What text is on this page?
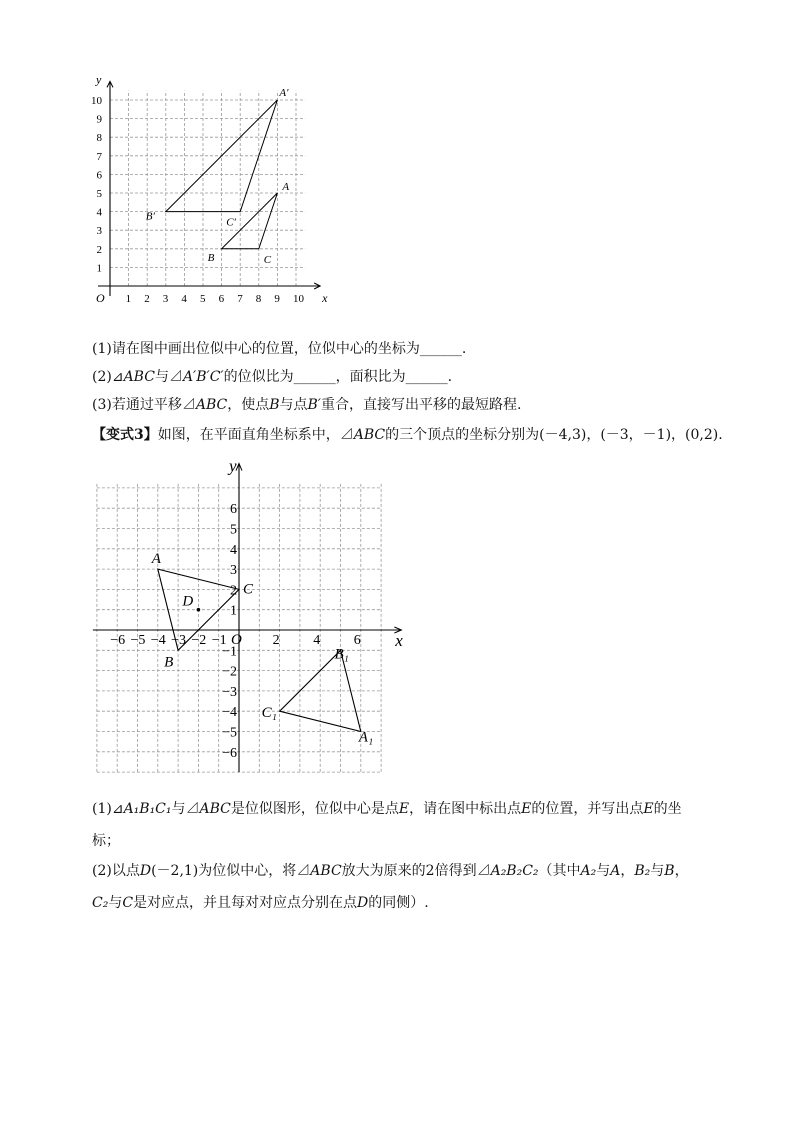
x
y
O 1 2 3 4 5 6 7 8 9 10
1
2
3
4
5
6
7
8
9
10
A
B	C
A′
B′	C′
x
y
O
−6 −5 −4 −3 −2 −1	2 4 6
6
5
4
3
2
1
−1
−2
−3
−4
−5
−6
A
B
C
D
A₁
B₁
C₁
(1)请在图中画出位似中心的位置，位似中心的坐标为______.
(2)⊿ABC与⊿A′B′C′的位似比为______，面积比为______.
(3)若通过平移⊿ABC，使点B与点B′重合，直接写出平移的最短路程.
【变式3】如图，在平面直角坐标系中，⊿ABC的三个顶点的坐标分别为(－4,3)，(－3，－1)，(0,2).
(1)⊿A₁B₁C₁与⊿ABC是位似图形，位似中心是点E，请在图中标出点E的位置，并写出点E的坐
标；
(2)以点D(－2,1)为位似中心，将⊿ABC放大为原来的2倍得到⊿A₂B₂C₂（其中A₂与A，B₂与B，
C₂与C是对应点，并且每对对应点分别在点D的同侧）.
